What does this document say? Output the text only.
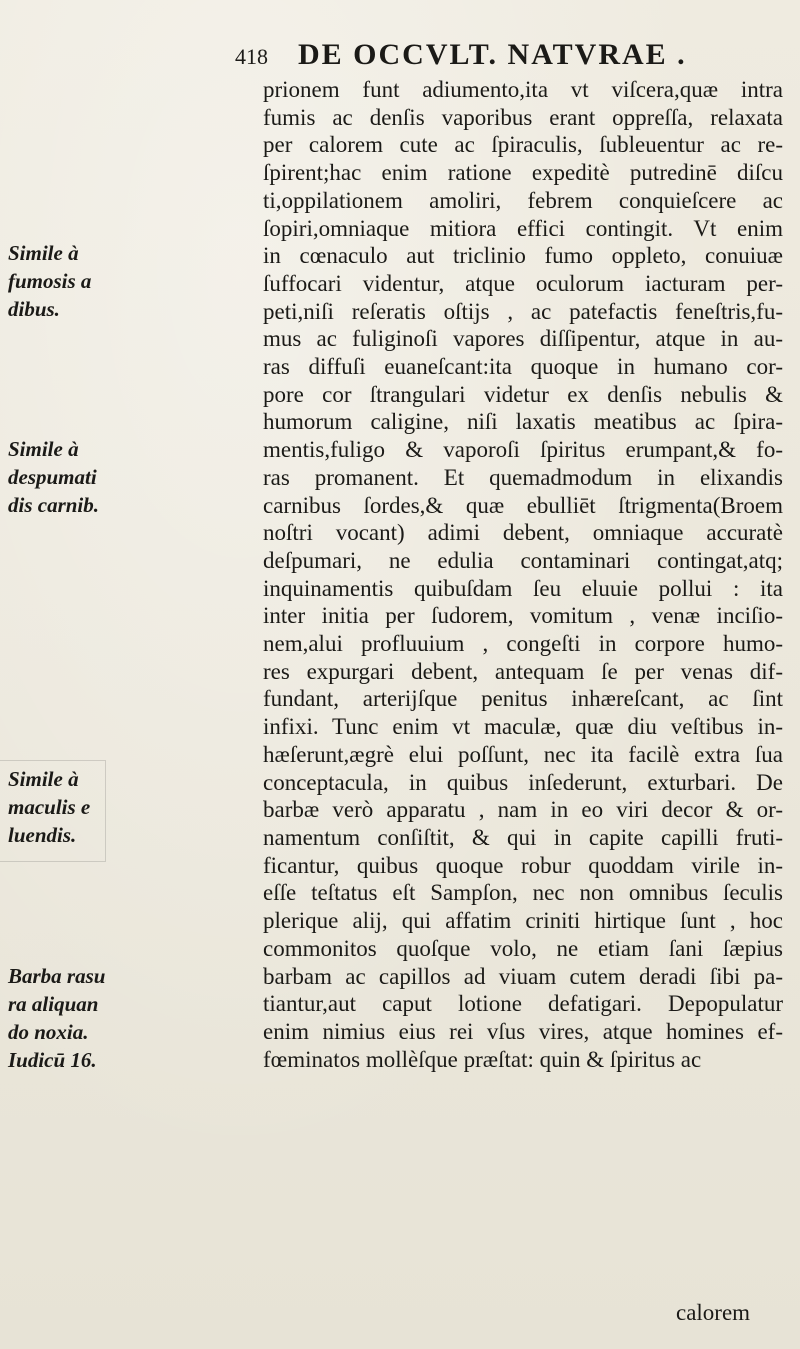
418 DE OCCVLT. NATVRAE .
Simile à
fumosis a
dibus.
Simile à
despumati
dis carnib.
Simile à
maculis e
luendis.
Barba rasu
ra aliquan
do noxia.
Iudicū 16.
prionem funt adiumento,ita vt viſcera,quæ intra
fumis ac denſis vaporibus erant oppreſſa, relaxata
per calorem cute ac ſpiraculis, ſubleuentur ac re-
ſpirent;hac enim ratione expeditè putredinē diſcu
ti,oppilationem amoliri, febrem conquieſcere ac
ſopiri,omniaque mitiora effici contingit. Vt enim
in cœnaculo aut triclinio fumo oppleto, conuiuæ
ſuffocari videntur, atque oculorum iacturam per-
peti,niſi reſeratis oſtijs , ac patefactis feneſtris,fu-
mus ac fuliginoſi vapores diſſipentur, atque in au-
ras diffuſi euaneſcant:ita quoque in humano cor-
pore cor ſtrangulari videtur ex denſis nebulis &
humorum caligine, niſi laxatis meatibus ac ſpira-
mentis,fuligo & vaporoſi ſpiritus erumpant,& fo-
ras promanent. Et quemadmodum in elixandis
carnibus ſordes,& quæ ebulliēt ſtrigmenta(Broem
noſtri vocant) adimi debent, omniaque accuratè
deſpumari, ne edulia contaminari contingat,atq;
inquinamentis quibuſdam ſeu eluuie pollui : ita
inter initia per ſudorem, vomitum , venæ inciſio-
nem,alui profluuium , congeſti in corpore humo-
res expurgari debent, antequam ſe per venas dif-
fundant, arterijſque penitus inhæreſcant, ac ſint
infixi. Tunc enim vt maculæ, quæ diu veſtibus in-
hæſerunt,ægrè elui poſſunt, nec ita facilè extra ſua
conceptacula, in quibus inſederunt, exturbari. De
barbæ verò apparatu , nam in eo viri decor & or-
namentum conſiſtit, & qui in capite capilli fruti-
ficantur, quibus quoque robur quoddam virile in-
eſſe teſtatus eſt Sampſon, nec non omnibus ſeculis
plerique alij, qui affatim criniti hirtique ſunt , hoc
commonitos quoſque volo, ne etiam ſani ſæpius
barbam ac capillos ad viuam cutem deradi ſibi pa-
tiantur,aut caput lotione defatigari. Depopulatur
enim nimius eius rei vſus vires, atque homines ef-
fœminatos mollèſque præſtat: quin & ſpiritus ac
calorem
